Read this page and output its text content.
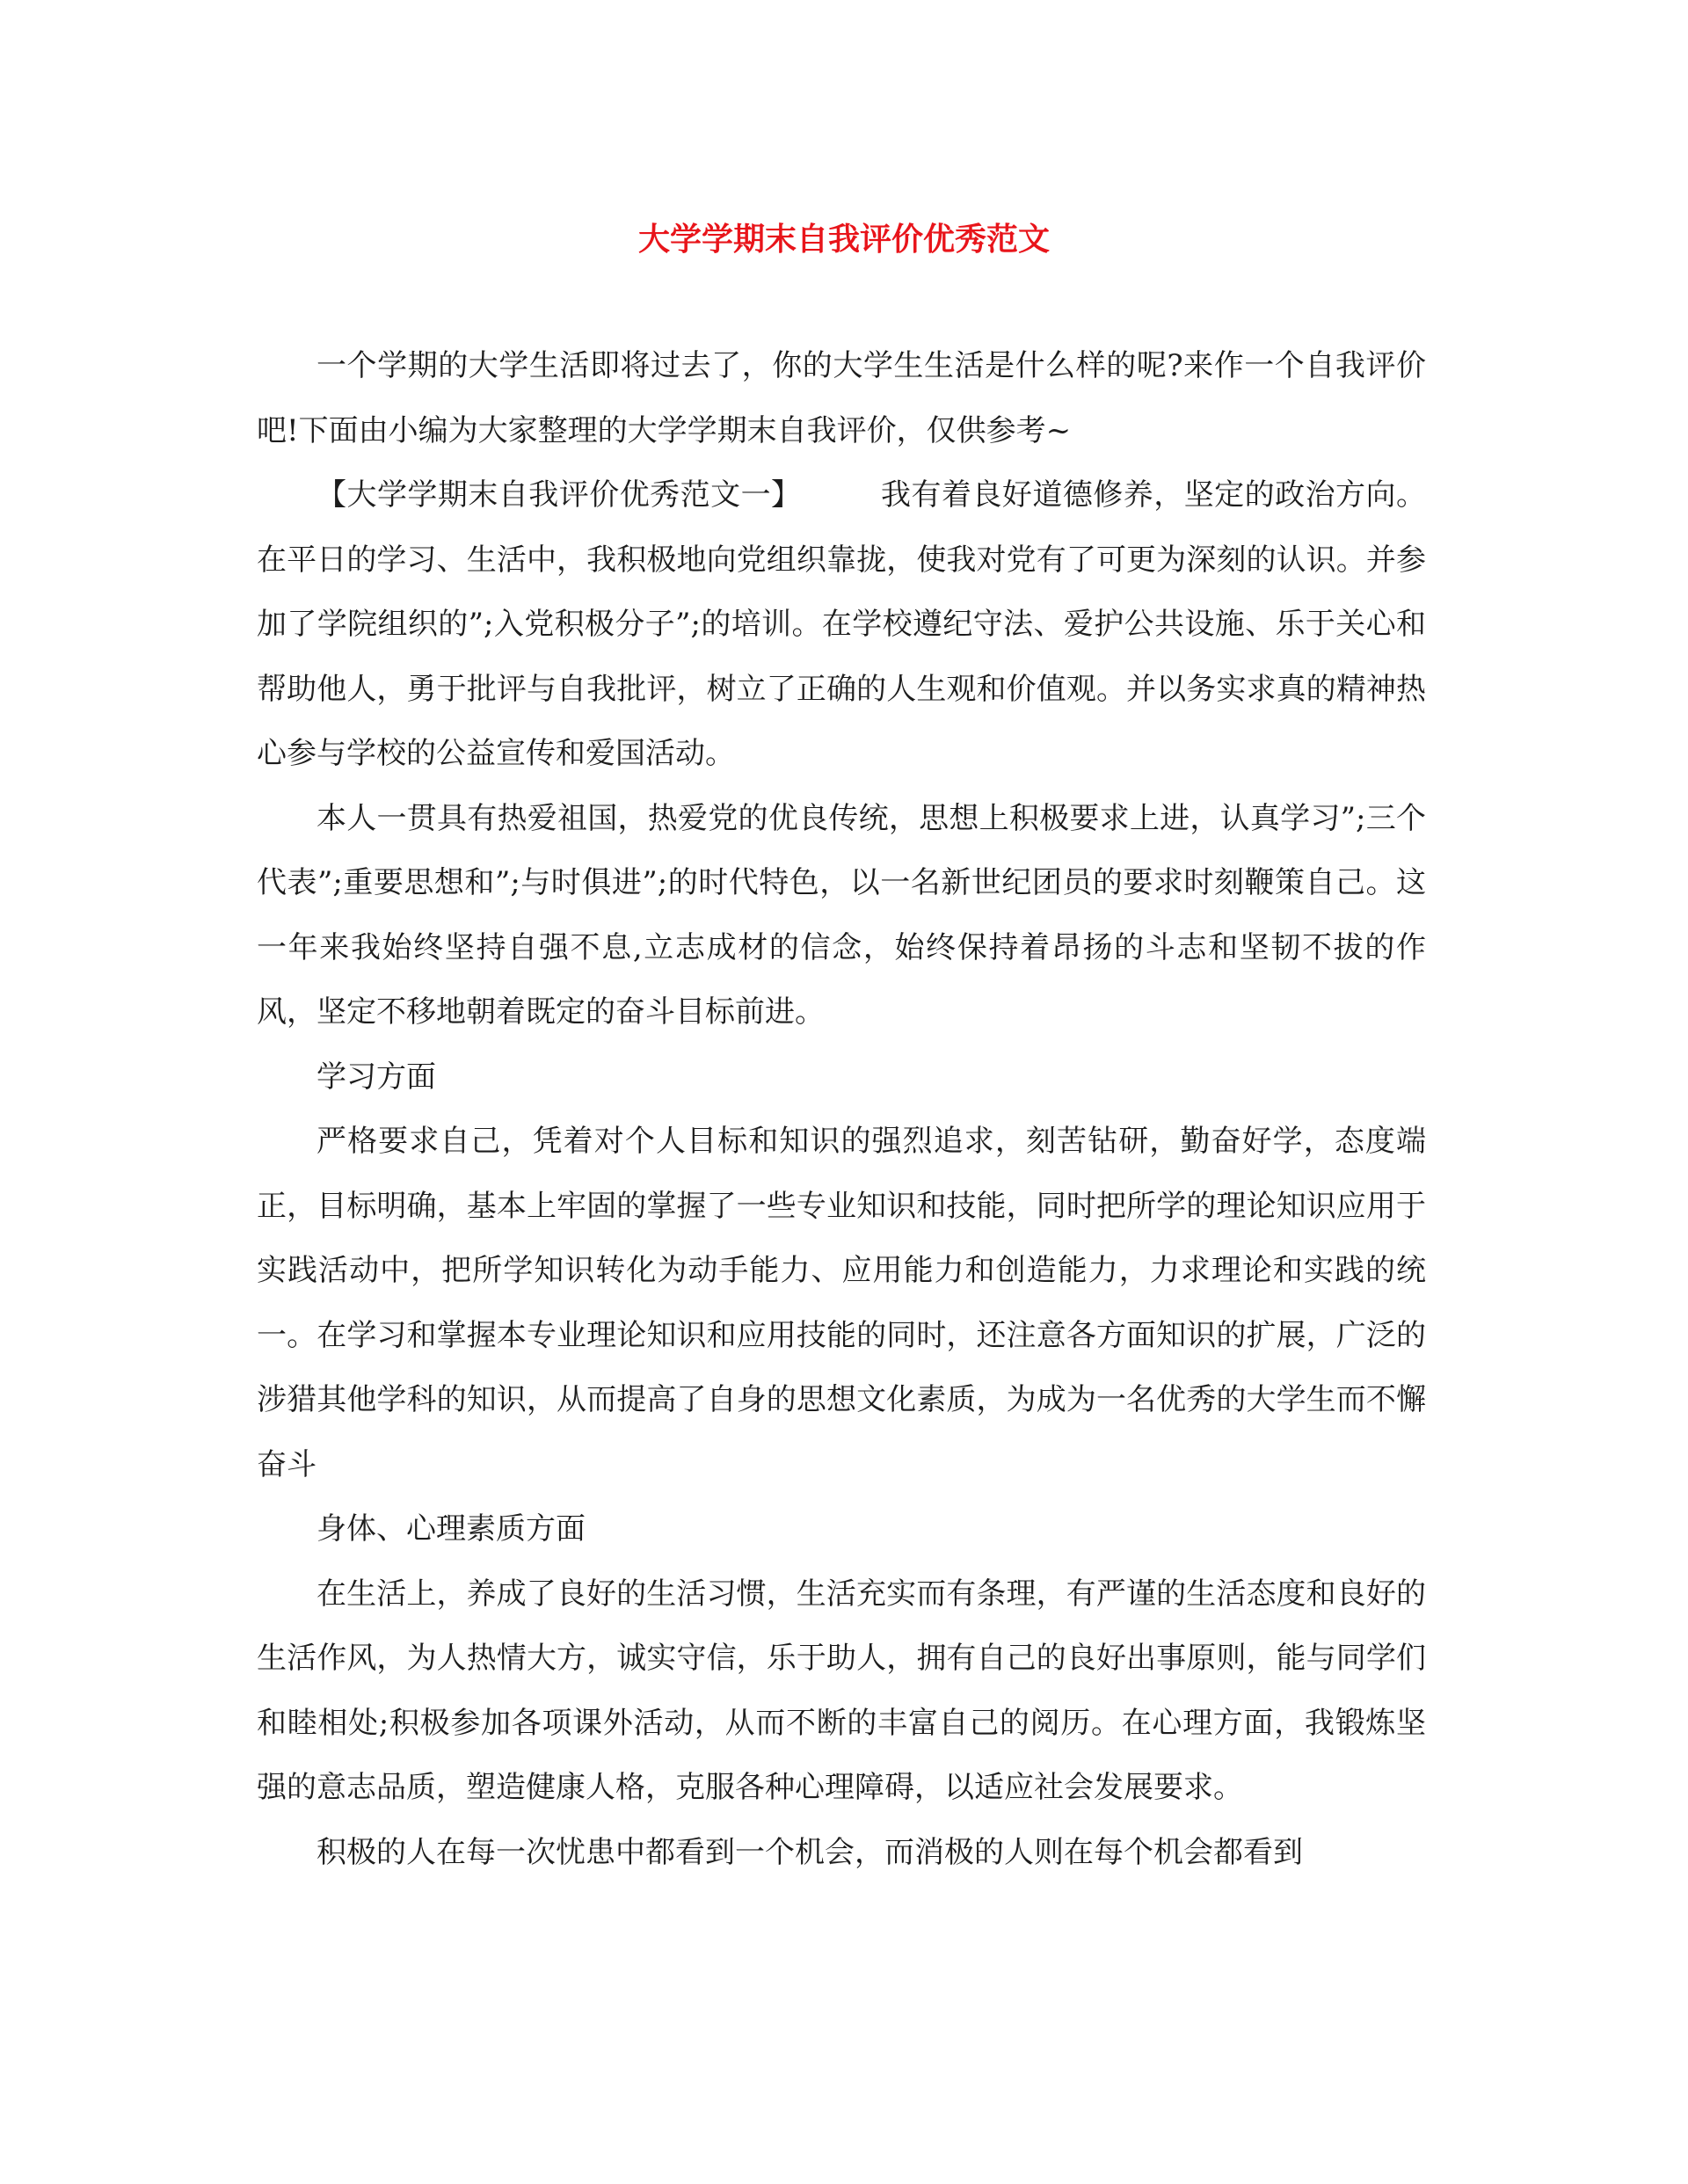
大学学期末自我评价优秀范文

一个学期的大学生活即将过去了，你的大学生生活是什么样的呢?来作一个自我评价吧!下面由小编为大家整理的大学学期末自我评价，仅供参考~

【大学学期末自我评价优秀范文一】	我有着良好道德修养，坚定的政治方向。在平日的学习、生活中，我积极地向党组织靠拢，使我对党有了可更为深刻的认识。并参加了学院组织的”;入党积极分子”;的培训。在学校遵纪守法、爱护公共设施、乐于关心和帮助他人，勇于批评与自我批评，树立了正确的人生观和价值观。并以务实求真的精神热心参与学校的公益宣传和爱国活动。

本人一贯具有热爱祖国，热爱党的优良传统，思想上积极要求上进，认真学习”;三个代表”;重要思想和”;与时俱进”;的时代特色，以一名新世纪团员的要求时刻鞭策自己。这一年来我始终坚持自强不息,立志成材的信念，始终保持着昂扬的斗志和坚韧不拔的作风，坚定不移地朝着既定的奋斗目标前进。

学习方面

严格要求自己，凭着对个人目标和知识的强烈追求，刻苦钻研，勤奋好学，态度端正，目标明确，基本上牢固的掌握了一些专业知识和技能，同时把所学的理论知识应用于实践活动中，把所学知识转化为动手能力、应用能力和创造能力，力求理论和实践的统一。在学习和掌握本专业理论知识和应用技能的同时，还注意各方面知识的扩展，广泛的涉猎其他学科的知识，从而提高了自身的思想文化素质，为成为一名优秀的大学生而不懈奋斗

身体、心理素质方面

在生活上，养成了良好的生活习惯，生活充实而有条理，有严谨的生活态度和良好的生活作风，为人热情大方，诚实守信，乐于助人，拥有自己的良好出事原则，能与同学们和睦相处;积极参加各项课外活动，从而不断的丰富自己的阅历。在心理方面，我锻炼坚强的意志品质，塑造健康人格，克服各种心理障碍，以适应社会发展要求。

积极的人在每一次忧患中都看到一个机会，而消极的人则在每个机会都看到
